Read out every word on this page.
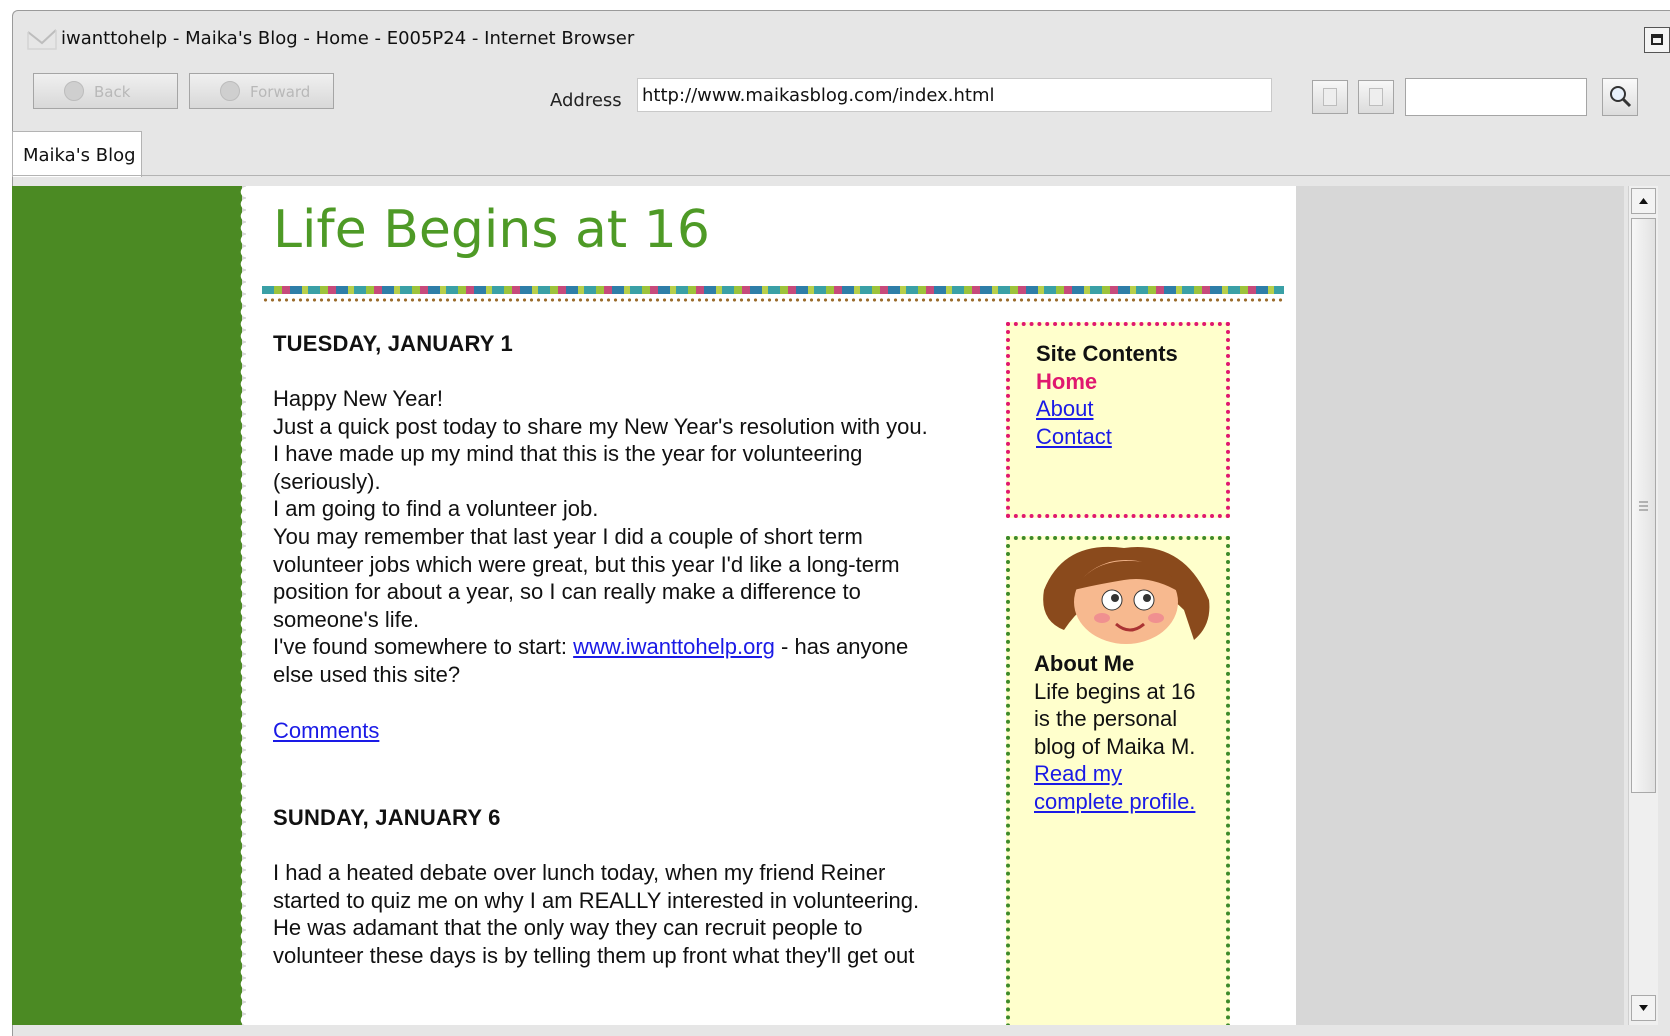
iwanttohelp - Maika's Blog - Home - E005P24 - Internet Browser
Back	Forward	Address
http://www.maikasblog.com/index.html
Maika's Blog
Life Begins at 16
TUESDAY, JANUARY 1

Happy New Year!

Just a quick post today to share my New Year's resolution with you.

I have made up my mind that this is the year for volunteering (seriously).

I am going to find a volunteer job.

You may remember that last year I did a couple of short term volunteer jobs which were great, but this year I'd like a long-term position for about a year, so I can really make a difference to someone's life.

I've found somewhere to start: www.iwanttohelp.org - has anyone else used this site?

Comments

SUNDAY, JANUARY 6
I had a heated debate over lunch today, when my friend Reiner started to quiz me on why I am REALLY interested in volunteering. He was adamant that the only way they can recruit people to volunteer these days is by telling them up front what they'll get out
Site Contents
Home
About
Contact
About Me
Life begins at 16 is the personal blog of Maika M.
Read my complete profile.
